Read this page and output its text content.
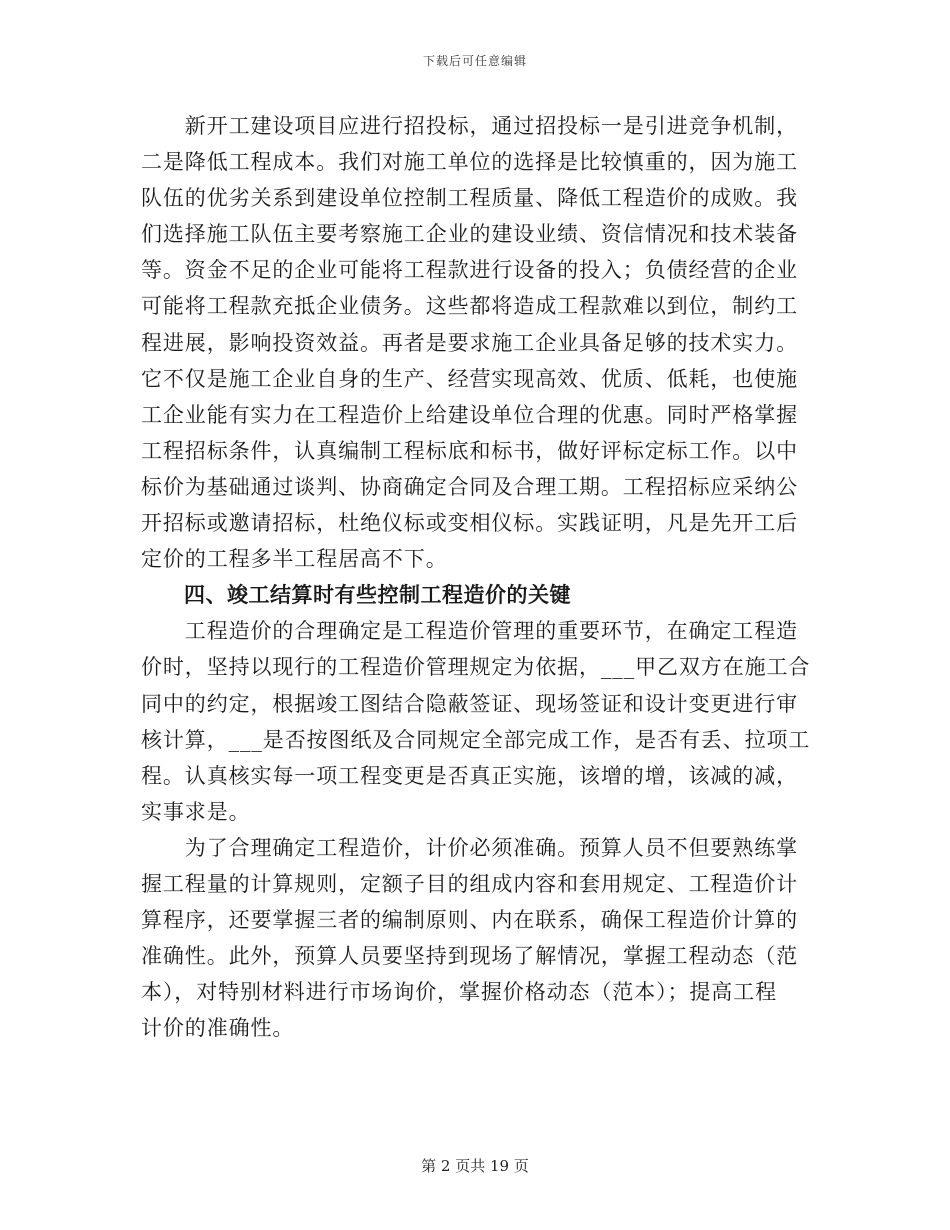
下载后可任意编辑
　　新开工建设项目应进行招投标，通过招投标一是引进竞争机制，
二是降低工程成本。我们对施工单位的选择是比较慎重的，因为施工
队伍的优劣关系到建设单位控制工程质量、降低工程造价的成败。我
们选择施工队伍主要考察施工企业的建设业绩、资信情况和技术装备
等。资金不足的企业可能将工程款进行设备的投入；负债经营的企业
可能将工程款充抵企业债务。这些都将造成工程款难以到位，制约工
程进展，影响投资效益。再者是要求施工企业具备足够的技术实力。
它不仅是施工企业自身的生产、经营实现高效、优质、低耗，也使施
工企业能有实力在工程造价上给建设单位合理的优惠。同时严格掌握
工程招标条件，认真编制工程标底和标书，做好评标定标工作。以中
标价为基础通过谈判、协商确定合同及合理工期。工程招标应采纳公
开招标或邀请招标，杜绝仪标或变相仪标。实践证明，凡是先开工后
定价的工程多半工程居高不下。
四、竣工结算时有些控制工程造价的关键
　　工程造价的合理确定是工程造价管理的重要环节，在确定工程造
价时，坚持以现行的工程造价管理规定为依据，___甲乙双方在施工合
同中的约定，根据竣工图结合隐蔽签证、现场签证和设计变更进行审
核计算，___是否按图纸及合同规定全部完成工作，是否有丢、拉项工
程。认真核实每一项工程变更是否真正实施，该增的增，该减的减，
实事求是。
　　为了合理确定工程造价，计价必须准确。预算人员不但要熟练掌
握工程量的计算规则，定额子目的组成内容和套用规定、工程造价计
算程序，还要掌握三者的编制原则、内在联系，确保工程造价计算的
准确性。此外，预算人员要坚持到现场了解情况，掌握工程动态（范
本），对特别材料进行市场询价，掌握价格动态（范本）；提高工程
计价的准确性。
第 2 页共 19 页
